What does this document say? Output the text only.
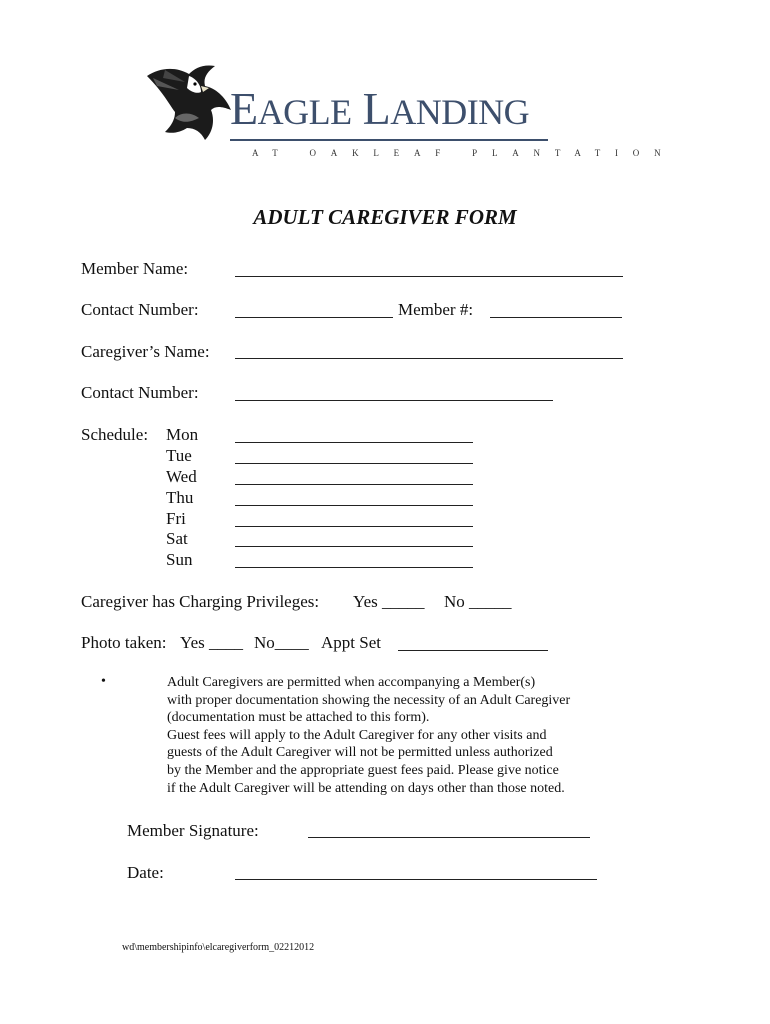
EAGLE LANDING
AT OAKLEAF PLANTATION
ADULT CAREGIVER FORM
Member Name:
Contact Number:	Member #:
Caregiver’s Name:
Contact Number:
Schedule: Mon
Tue
Wed
Thu
Fri
Sat
Sun
Caregiver has Charging Privileges: Yes _____ No _____
Photo taken: Yes ____ No____ Appt Set
•	Adult Caregivers are permitted when accompanying a Member(s)
with proper documentation showing the necessity of an Adult Caregiver
(documentation must be attached to this form).
Guest fees will apply to the Adult Caregiver for any other visits and
guests of the Adult Caregiver will not be permitted unless authorized
by the Member and the appropriate guest fees paid. Please give notice
if the Adult Caregiver will be attending on days other than those noted.
Member Signature:
Date:
wd\membershipinfo\elcaregiverform_02212012
